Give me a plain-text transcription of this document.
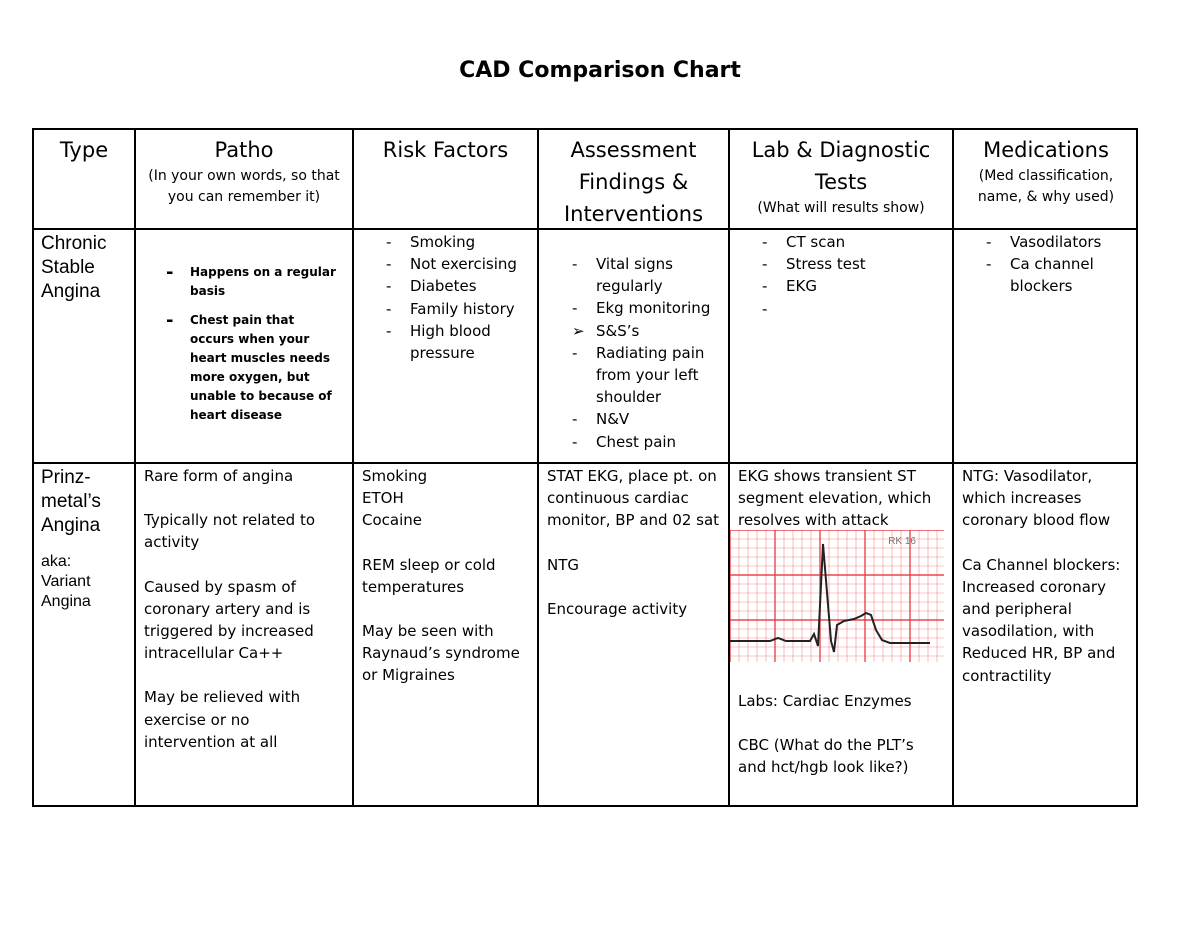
CAD Comparison Chart
Type	Patho
(In your own words, so that you can remember it)
Risk Factors	Assessment Findings & Interventions
Lab & Diagnostic Tests
(What will results show)
Medications
(Med classification, name, & why used)
Chronic Stable Angina
- Happens on a regular basis
- Chest pain that occurs when your heart muscles needs more oxygen, but unable to because of heart disease
- Smoking
- Not exercising
- Diabetes
- Family history
- High blood pressure
- Vital signs regularly
- Ekg monitoring
➢ S&S’s
- Radiating pain from your left shoulder
- N&V
- Chest pain
- CT scan
- Stress test
- EKG
-
- Vasodilators
- Ca channel blockers
Prinz-metal’s Angina
aka: Variant Angina

Rare form of angina

Typically not related to activity

Caused by spasm of coronary artery and is triggered by increased intracellular Ca++

May be relieved with exercise or no intervention at all

Smoking
ETOH
Cocaine

REM sleep or cold temperatures

May be seen with Raynaud’s syndrome or Migraines

STAT EKG, place pt. on continuous cardiac monitor, BP and 02 sat

NTG

Encourage activity

EKG shows transient ST segment elevation, which resolves with attack
RK 16

Labs: Cardiac Enzymes

CBC (What do the PLT’s and hct/hgb look like?)

NTG: Vasodilator, which increases coronary blood flow

Ca Channel blockers: Increased coronary and peripheral vasodilation, with Reduced HR, BP and contractility
